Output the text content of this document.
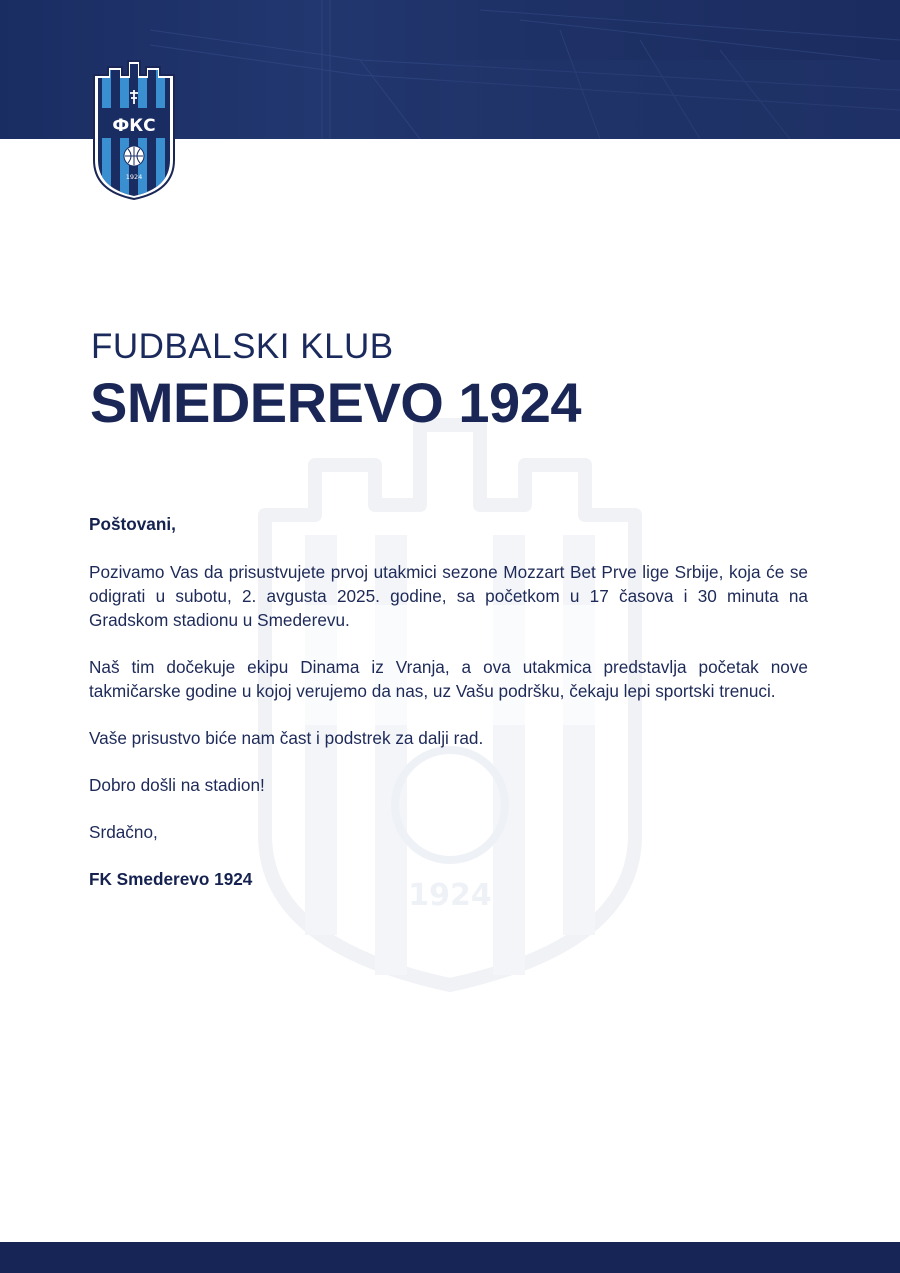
ФКС
1924
1924
FUDBALSKI KLUB
SMEDEREVO 1924

Poštovani,

Pozivamo Vas da prisustvujete prvoj utakmici sezone Mozzart Bet Prve lige Srbije, koja će se odigrati u subotu, 2. avgusta 2025. godine, sa početkom u 17 časova i 30 minuta na Gradskom stadionu u Smederevu.

Naš tim dočekuje ekipu Dinama iz Vranja, a ova utakmica predstavlja početak nove takmičarske godine u kojoj verujemo da nas, uz Vašu podršku, čekaju lepi sportski trenuci.

Vaše prisustvo biće nam čast i podstrek za dalji rad.

Dobro došli na stadion!

Srdačno,

FK Smederevo 1924
